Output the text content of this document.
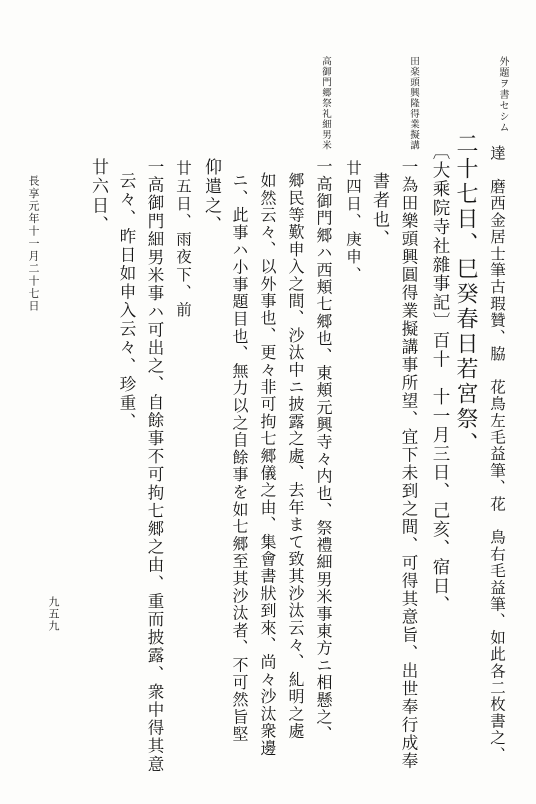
外題ヲ書セシム
田楽頭興隆得業擬講
高御門郷祭礼細男米
達　磨西金居士筆古瑕贊、脇　花鳥左毛益筆、花　鳥右毛益筆、如此各二枚書之、
二十七日、巳癸春日若宮祭、
〔大乘院寺社雜事記〕百十　十一月三日、己亥、宿日、
一為田樂頭興圓得業擬講事所望、宜下未到之間、可得其意旨、出世奉行成奉
書者也、
廿四日、庚申、
一高御門郷ハ西頬七郷也、東頬元興寺々内也、祭禮細男米事東方ニ相懸之、
郷民等歎申入之間、沙汰中ニ披露之處、去年まて致其沙汰云々、糺明之處
如然云々、以外事也、更々非可拘七郷儀之由、集會書狀到來、尚々沙汰衆邊
ニ、此事ハ小事題目也、無力以之自餘事を如七郷至其沙汰者、不可然旨堅
仰遣之、
廿五日、雨夜下、前
一高御門細男米事ハ可出之、自餘事不可拘七郷之由、重而披露、衆中得其意
云々、昨日如申入云々、珍重、
廿六日、
長享元年十一月二十七日
九五九
